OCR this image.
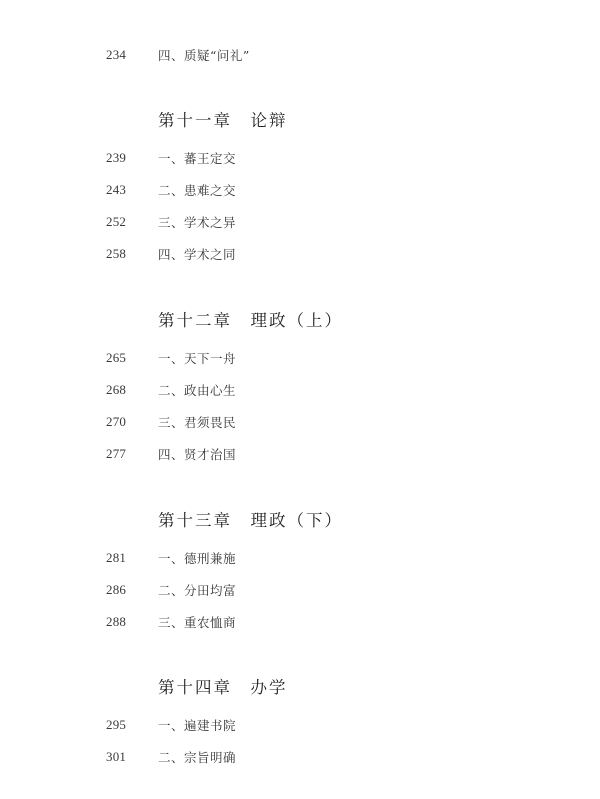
234	四、质疑“问礼”
第十一章　论辩
239	一、蕃王定交
243	二、患难之交
252	三、学术之异
258	四、学术之同
第十二章　理政（上）
265	一、天下一舟
268	二、政由心生
270	三、君须畏民
277	四、贤才治国
第十三章　理政（下）
281	一、德刑兼施
286	二、分田均富
288	三、重农恤商
第十四章　办学
295	一、遍建书院
301	二、宗旨明确
